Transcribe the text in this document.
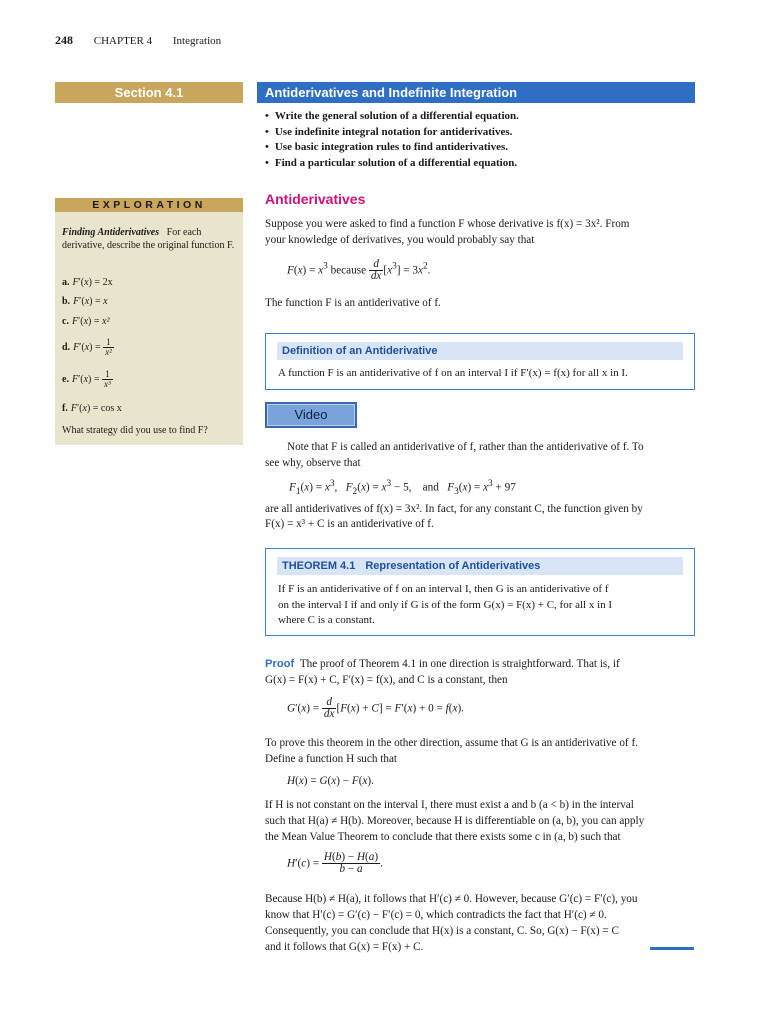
248 CHAPTER 4 Integration
Section 4.1	Antiderivatives and Indefinite Integration
• Write the general solution of a differential equation.
• Use indefinite integral notation for antiderivatives.
• Use basic integration rules to find antiderivatives.
• Find a particular solution of a differential equation.
EXPLORATION
Finding Antiderivatives For each derivative, describe the original function F.
a. F′(x) = 2x
b. F′(x) = x
c. F′(x) = x²
d. $F'(x) = \frac{1}{\text{x²}}$
e. $F'(x) = \frac{1}{\text{x³}}$
f. F′(x) = cos x
What strategy did you use to find F?
Antiderivatives
Suppose you were asked to find a function F whose derivative is f(x) = 3x². From
your knowledge of derivatives, you would probably say that
$F(x) = x^3$ because $\frac{d}{dx} [x^3] = 3x^2$.
The function F is an antiderivative of f.
Definition of an Antiderivative
A function F is an antiderivative of f on an interval I if F′(x) = f(x) for all x in I.
Video
Note that F is called an antiderivative of f, rather than the antiderivative of f. To
see why, observe that
$F_1(x) = x^3$,   $F_2(x) = x^3 - 5$,    and   $F_3(x) = x^3 + 97$
are all antiderivatives of f(x) = 3x². In fact, for any constant C, the function given by
F(x) = x³ + C is an antiderivative of f.
THEOREM 4.1 Representation of Antiderivatives
If F is an antiderivative of f on an interval I, then G is an antiderivative of f
on the interval I if and only if G is of the form G(x) = F(x) + C, for all x in I
where C is a constant.
Proof The proof of Theorem 4.1 in one direction is straightforward. That is, if
G(x) = F(x) + C, F′(x) = f(x), and C is a constant, then
$G'(x) = \frac{d}{dx} [F(x) + C] = F'(x) + 0 = f(x)$.
To prove this theorem in the other direction, assume that G is an antiderivative of f.
Define a function H such that
H(x) = G(x) − F(x).
If H is not constant on the interval I, there must exist a and b (a < b) in the interval
such that H(a) ≠ H(b). Moreover, because H is differentiable on (a, b), you can apply
the Mean Value Theorem to conclude that there exists some c in (a, b) such that
$H'(c) = \frac{H(b) - H(a)}{b - a}$ .
Because H(b) ≠ H(a), it follows that H′(c) ≠ 0. However, because G′(c) = F′(c), you
know that H′(c) = G′(c) − F′(c) = 0, which contradicts the fact that H′(c) ≠ 0.
Consequently, you can conclude that H(x) is a constant, C. So, G(x) − F(x) = C
and it follows that G(x) = F(x) + C.
